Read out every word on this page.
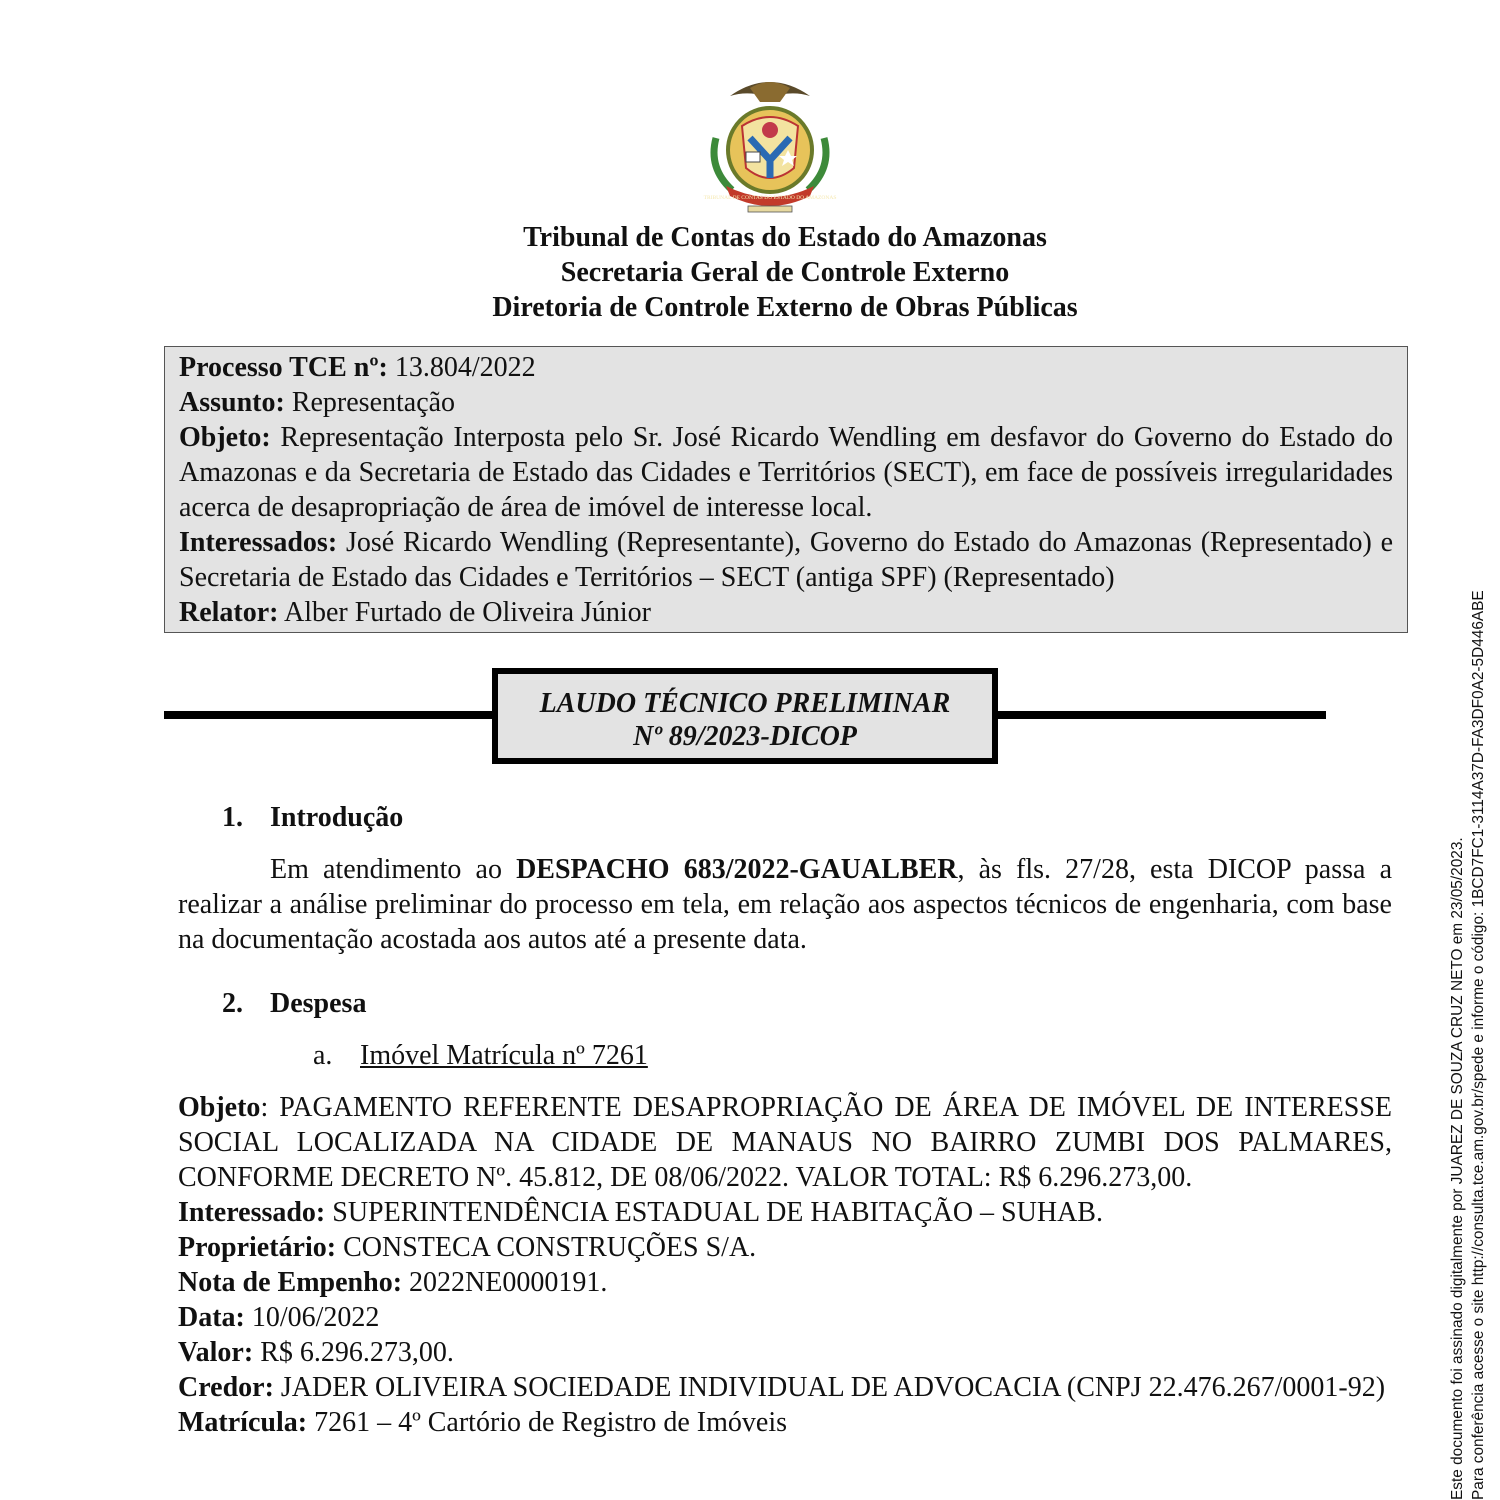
TRIBUNAL DE CONTAS DO ESTADO DO AMAZONAS
Tribunal de Contas do Estado do Amazonas
Secretaria Geral de Controle Externo
Diretoria de Controle Externo de Obras Públicas

Processo TCE nº: 13.804/2022

Assunto: Representação

Objeto: Representação Interposta pelo Sr. José Ricardo Wendling em desfavor do Governo do Estado do Amazonas e da Secretaria de Estado das Cidades e Territórios (SECT), em face de possíveis irregularidades acerca de desapropriação de área de imóvel de interesse local.

Interessados: José Ricardo Wendling (Representante), Governo do Estado do Amazonas (Representado) e Secretaria de Estado das Cidades e Territórios – SECT (antiga SPF) (Representado)

Relator: Alber Furtado de Oliveira Júnior

LAUDO TÉCNICO PRELIMINAR
Nº 89/2023-DICOP
1. Introdução

Em atendimento ao DESPACHO 683/2022-GAUALBER, às fls. 27/28, esta DICOP passa a realizar a análise preliminar do processo em tela, em relação aos aspectos técnicos de engenharia, com base na documentação acostada aos autos até a presente data.

2. Despesa
a. Imóvel Matrícula nº 7261

Objeto: PAGAMENTO REFERENTE DESAPROPRIAÇÃO DE ÁREA DE IMÓVEL DE INTERESSE SOCIAL LOCALIZADA NA CIDADE DE MANAUS NO BAIRRO ZUMBI DOS PALMARES, CONFORME DECRETO Nº. 45.812, DE 08/06/2022. VALOR TOTAL: R$ 6.296.273,00.

Interessado: SUPERINTENDÊNCIA ESTADUAL DE HABITAÇÃO – SUHAB.

Proprietário: CONSTECA CONSTRUÇÕES S/A.

Nota de Empenho: 2022NE0000191.

Data: 10/06/2022

Valor: R$ 6.296.273,00.

Credor: JADER OLIVEIRA SOCIEDADE INDIVIDUAL DE ADVOCACIA (CNPJ 22.476.267/0001-92)

Matrícula: 7261 – 4º Cartório de Registro de Imóveis	Este documento foi assinado digitalmente por JUAREZ DE SOUZA CRUZ NETO em 23/05/2023. Para conferência acesse o site http://consulta.tce.am.gov.br/spede e informe o código: 1BCD7FC1-3114A37D-FA3DF0A2-5D446ABE
